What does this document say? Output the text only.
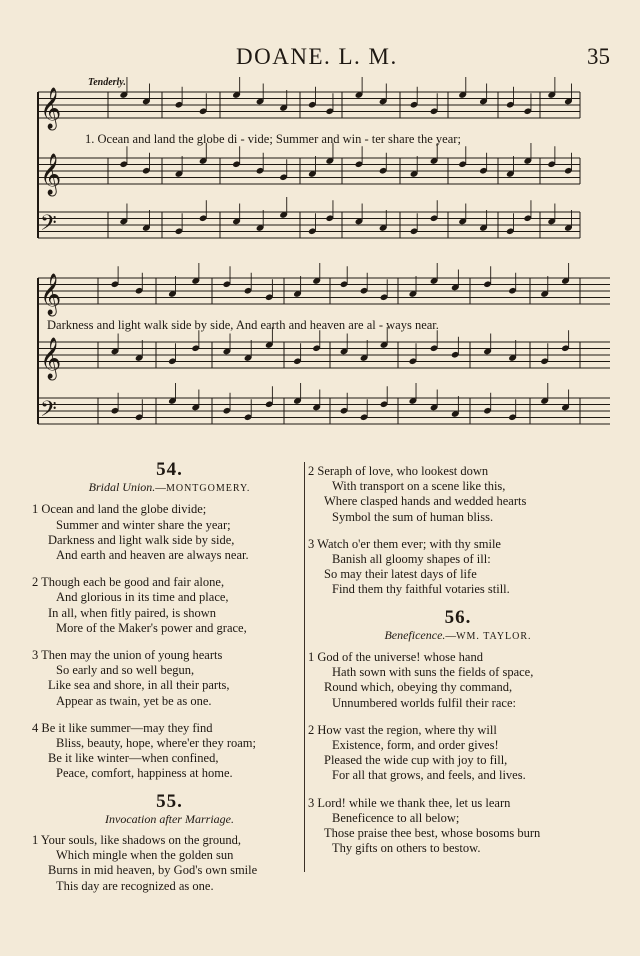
DOANE. L. M.	35
Tenderly.
𝄞
𝄞
𝄢
𝄞
𝄞
𝄢
1. Ocean and land the globe di - vide; Summer and win - ter share the year;
Darkness and light walk side by side, And earth and heaven are al - ways near.
54.
Bridal Union.—MONTGOMERY.
1 Ocean and land the globe divide;
Summer and winter share the year;
Darkness and light walk side by side,
And earth and heaven are always near.
2 Though each be good and fair alone,
And glorious in its time and place,
In all, when fitly paired, is shown
More of the Maker's power and grace,
3 Then may the union of young hearts
So early and so well begun,
Like sea and shore, in all their parts,
Appear as twain, yet be as one.
4 Be it like summer—may they find
Bliss, beauty, hope, where'er they roam;
Be it like winter—when confined,
Peace, comfort, happiness at home.
55.
Invocation after Marriage.
1 Your souls, like shadows on the ground,
Which mingle when the golden sun
Burns in mid heaven, by God's own smile
This day are recognized as one.
2 Seraph of love, who lookest down
With transport on a scene like this,
Where clasped hands and wedded hearts
Symbol the sum of human bliss.
3 Watch o'er them ever; with thy smile
Banish all gloomy shapes of ill:
So may their latest days of life
Find them thy faithful votaries still.
56.
Beneficence.—WM. TAYLOR.
1 God of the universe! whose hand
Hath sown with suns the fields of space,
Round which, obeying thy command,
Unnumbered worlds fulfil their race:
2 How vast the region, where thy will
Existence, form, and order gives!
Pleased the wide cup with joy to fill,
For all that grows, and feels, and lives.
3 Lord! while we thank thee, let us learn
Beneficence to all below;
Those praise thee best, whose bosoms burn
Thy gifts on others to bestow.
